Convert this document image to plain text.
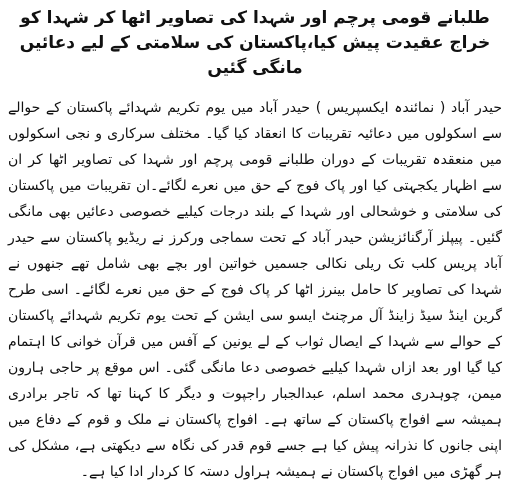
طلبانے قومی پرچم اور شہدا کی تصاویر اٹھا کر شہدا کو خراج عقیدت پیش کیا،پاکستان کی سلامتی کے لیے دعائیں مانگی گئیں

حیدر آباد ( نمائندہ ایکسپریس ) حیدر آباد میں یوم تکریم شہدائے پاکستان کے حوالے سے اسکولوں میں دعائیہ تقریبات کا انعقاد کیا گیا۔ مختلف سرکاری و نجی اسکولوں میں منعقدہ تقریبات کے دوران طلبانے قومی پرچم اور شہدا کی تصاویر اٹھا کر ان سے اظہار یکجہتی کیا اور پاک فوج کے حق میں نعرے لگائے۔ان تقریبات میں پاکستان کی سلامتی و خوشحالی اور شہدا کے بلند درجات کیلیے خصوصی دعائیں بھی مانگی گئیں۔ پیپلز آرگنائزیشن حیدر آباد کے تحت سماجی ورکرز نے ریڈیو پاکستان سے حیدر آباد پریس کلب تک ریلی نکالی جسمیں خواتین اور بچے بھی شامل تھے جنھوں نے شہدا کی تصاویر کا حامل بینرز اٹھا کر پاک فوج کے حق میں نعرے لگائے۔ اسی طرح گرین اینڈ سیڈ زاینڈ آل مرچنٹ ایسو سی ایشن کے تحت یوم تکریم شہدائے پاکستان کے حوالے سے شہدا کے ایصال ثواب کے لے یونین کے آفس میں قرآن خوانی کا اہتمام کیا گیا اور بعد ازاں شہدا کیلیے خصوصی دعا مانگی گئی۔ اس موقع پر حاجی ہارون میمن، چوہدری محمد اسلم، عبدالجبار راجپوت و دیگر کا کہنا تھا کہ تاجر برادری ہمیشہ سے افواج پاکستان کے ساتھ ہے۔ افواج پاکستان نے ملک و قوم کے دفاع میں اپنی جانوں کا نذرانہ پیش کیا ہے جسے قوم قدر کی نگاہ سے دیکھتی ہے، مشکل کی ہر گھڑی میں افواج پاکستان نے ہمیشہ ہراول دستہ کا کردار ادا کیا ہے۔
